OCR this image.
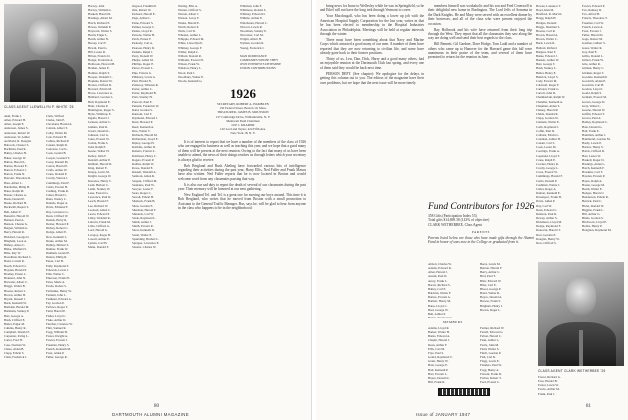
CLASS AGENT LLEWELLYN P. WHITE '25
Akin, Frank J.
Allen, Edward H.
Allen, Joseph E.
Anderson, James S.
Anderson, Robert W.
Anderson, W. Arthur
Archbold, R. Douglas
Babcock, Chester S.
Bachman, Paul R.
Bailey, Charles H.
Baker, George W.
Ballou, Harold L.
Barnes, Howard E.
Barrett, Edward J.
Barton, Frank N.
Bascom, Theodore R.
Bass, Albert L.
Batchelder, Philip H.
Bates, Ralph M.
Baxter, Charles A.
Beals, Donald E.
Beane, Richard H.
Beckwith, Rupert S.
Bell, Albert F.
Benedict, Harold W.
Bennett, Paul A.
Benson, Chester G.
Bergen, William G.
Berry, Harold R.
Bickford, George D.
Bingham, Leon A.
Bishop, Amos C.
Blake, Winfield S.
Bliss, Ray W.
Boardman, Richard C.
Bond, Carroll R.
Booth, Edward G.
Boyden, Harold P.
Bradley, Ernest L.
Brainerd, John N.
Brewster, Albert C.
Briggs, Walter B.
Brooks, Robert L.
Brown, Arthur H.
Bryant, Russell J.
Buck, Kenneth W.
Burbank, Harold M.
Burnham, Stanley P.
Burt, George A.
Bush, Clifford E.
Butler, Edgar M.
Calkins, Henry R.
Campbell, Donald F.
Carpenter, Irving L.
Carter, Fred H.
Case, Norman W.
Chase, Alden B.
Clapp, Edwin S.
Clark, Frederick J.
Clark, Wilfred
Clarke, John E.
Cleveland, Harold A.
Coburn, Albert T.
Colby, Walter M.
Cole, Edward H.
Collins, Richard P.
Conant, Ralph D.
Converse, Carl L.
Cook, Gerald B.
Cooper, Leonard S.
Corey, Russell M.
Cotton, Harold E.
Crafts, Arthur W.
Crane, Donald P.
Crosby, Warren J.
Cummings, Paul F.
Curtis, Everett H.
Cushing, Frank R.
Cutler, Harold L.
Dana, Wesley C.
Daniels, Roger A.
Davis, Edmund F.
Day, Lawrence G.
Dean, Clifford W.
Dennis, Harry R.
Dexter, Howard P.
Dickey, Robert C.
Dodge, Albert E.
Dow, Kenneth L.
Drake, Arthur M.
Dudley, Herbert S.
Dunbar, Frank W.
Dunham, Gerald E.
Dutton, Philip R.
Eaton, Carl B.
Eddy, Raymond F.
Edwards, Lewis J.
Ellis, Walter C.
Emerson, Frank H.
Estes, Merle A.
Evans, Robert S.
Fairbanks, Henry W.
Farnum, John L.
Faulkner, Edward A.
Fay, Gordon P.
Fellows, Roger T.
Field, Harold E.
Fisher, Lloyd C.
Fiske, Arthur D.
Fletcher, Clarence W.
Flint, Samuel R.
Fogg, William H.
Foster, Dwight A.
Fowler, Everett J.
Freeman, Henry S.
French, Kenneth M.
Frost, Alden P.
Fuller, George R.
Harvey, John
Harvey, William C.
Haskell, Harold R.
Hastings, Albert M.
Hatch, Richard E.
Hawes, Wendell P.
Hayward, Walter S.
Heald, Edgar L.
Heath, Arthur N.
Hersey, Carl F.
Hewitt, Paul G.
Hill, Lester R.
Hilton, Francis D.
Hodge, Frederick A.
Holbrook, Howard B.
Holden, James E.
Holmes, Ralph T.
Hooper, Wendell C.
Hopkins, Robert W.
Horton, Clifford R.
Howard, Edwin M.
Howe, Lawrence A.
Hubbard, Gordon L.
Hull, Raymond E.
Hunt, Charles P.
Huntington, Roger S.
Hyde, Winthrop E.
Ingalls, Harold J.
Jackson, Arthur C.
Jenkins, Paul R.
Jewett, Donald L.
Johnson, Carl A.
Jones, Everett W.
Jordan, Frank S.
Judd, Ralph E.
Keene, Walter H.
Kelley, John F.
Kendall, Arthur P.
Kimball, Harold D.
King, Robert E.
Knapp, Lewis M.
Knight, George W.
Knowles, Henry T.
Ladd, Herbert C.
Lamb, Stanley W.
Lane, Everett G.
Lawrence, Paul D.
Leach, Harold F.
Lee, Richard W.
Leonard, Alden C.
Lewis, Edward P.
Libby, Wendell R.
Lincoln, Frank M.
Little, Clifford A.
Lord, Harold G.
Lovejoy, Roger B.
Lowell, Arthur E.
Lyman, Carl H.
Mann, Donald F.
Osgood, Franklin P.
Otis, Robert W.
Packard, Harold E.
Page, Arthur L.
Paine, Edward S.
Palmer, George C.
Parker, Lloyd R.
Parsons, Walter H.
Patch, Ernest F.
Peabody, Carl A.
Pearson, Henry D.
Perkins, Ralph J.
Perry, Donald W.
Phelps, Alden M.
Phillips, Roger E.
Pierce, Everett L.
Pike, Francis G.
Pillsbury, Lewis A.
Platt, Harold N.
Pomeroy, Winston R.
Porter, Arthur C.
Potter, Raymond B.
Pratt, Stanley H.
Prescott, Paul E.
Putnam, Frederick W.
Rand, Gordon S.
Ransom, Carl F.
Raymond, Edward J.
Read, Howard P.
Reed, Kenneth A.
Rice, Walter T.
Richards, Harold M.
Richardson, Lloyd E.
Ripley, George H.
Robbins, Arthur D.
Roberts, Francis L.
Robinson, Henry C.
Rogers, Everett P.
Rollins, Ralph W.
Rowe, Donald E.
Russell, Wendell A.
Sanborn, Alden R.
Sargent, Clifford M.
Saunders, Paul W.
Sawyer, Lester F.
Sears, Roger C.
Sewall, Edwin H.
Shattuck, Frank B.
Shaw, Gordon E.
Sherman, Harold T.
Simonds, Carl W.
Slade, Raymond L.
Smith, Arthur J.
Smith, Everett R.
Snow, Kenneth D.
Soule, Walter P.
Spaulding, Herbert L.
Sprague, Lawrence E.
Stearns, Charles W.
Waring, Ellis A.
Warner, Clifford S.
Warren, Albert J.
Watson, Leroy F.
Weeks, Harold E.
Welch, Robert P.
Wells, Carl D.
Wheeler, Arthur L.
Whipple, Edward M.
White, Llewellyn P.
Whitney, George F.
Wilder, Ralph C.
Willard, Donald R.
Williams, Everett H.
Wilson, Frank W.
Winslow, Henry L.
Wood, Paul J.
Woodbury, Walter E.
Woods, Kenneth G.
Whitman, John F.
Whitmore, Roland S.
Whitney, Edward D.
Wilkins, Arthur P.
Winchester, Harold C.
Wolcott, Lewis R.
Woodman, Stanley E.
Worcester, Carl M.
Wright, Albert H.
Wyman, Gordon R.
Young, Frederick J.

MAN DOMINANCE
COMPANIES WHOSE THEY
OWN INTERESTS DETEMINE
UNION CONTRIBUTIONS
1926
SECRETARY, ROBERT A. HAMBLEN
150 Federal Street, Boston 10, Mass.
TREASURER, JAMES B. MOUSSION
137 Cambridge Drive, Williamsville, N. Y.
Memorial Fund Chairmen
LEE J. KRAMER
120 Lord and Taylor, 424 Fifth Ave.
New York 18, N. Y.

It is of interest to report that we have a number of the members of the class of 1926 who are engaged in business as well as teaching this year, and we hope that a good many of them will be present at the next reunion. Owing to the fact that many of us have been unable to attend, the news of their doings reaches us through letters which your secretary is always glad to receive.

Bob Bergland and Rush Abeling have forwarded various bits of intelligence regarding their activities during the past year, Harry Ellis, Ned Fuller and Frank Mason have also written. Ned Fuller reports that he is now located in Boston and would welcome word from any classmates passing that way.

It is also our sad duty to report the death of several of our classmates during the past year. Their memory will be honored at our next gathering.

New England Tel. and Tel. is a great one for moving our boys around. This time it is Bob Bergland, who writes that he moved from Boston with a small promotion to Assistant to the General Traffic Manager. Bus, says he, will be glad to hear from anyone in the class who happens to be in the neighborhood.

80
DARTMOUTH ALUMNI MAGAZINE

bring news for Inose to Wellesley while he was in Springfield, so he and Ethel will not have the long trek through Vermont to cover.

Your Macdougall, who has been doing a lower up job with the American Hospital Supply Corporation for the last year, writes in that he has been elected to membership in the Hospital Industries Association in Philadelphia. Meetings will be held at regular intervals through the winter.

There must have been something about that Navy and Marine Corps which attracted a good many of our men. A number of them have reported that they are now returning to civilian life, and some have already gone back to their former positions.

Thirty of us, Lew, Dan, Dick, Harry and a good many others, had an enjoyable reunion at the Dartmouth Club last spring, and every one of them said they would be back next time.

PERSON DEPT. (See chapter): We apologize for the delays in getting this column out to you. The editors of the magazine have their own problems, but we hope that the next issue will be more timely.

members himself was workaholic and his son and Fred Cromwell is their delightful new home in Burlington. The Lord Jeffs of Sonoma in the Dark Knights. He and Mary were served with an excellent dinner by their hostesses, and all of the class who were present enjoyed the occasion.

Ray Holbrook and his wife have returned from their long trip through the West. They report that all the classmates they saw along the way are doing well and send their best regards to the class.

Bill Bennett, Gil Gardner, Dave Hodge, Tom Ladd and a number of others who came up to Hanover for the Harvard game this fall were unanimous in their praise of the team, and several of them have promised to return for the reunion in June.

Bowen, Laurence T.
Boyd, Kim M.
Bradford, R. Marvin
Bragg, Ralph H.
Bridges, Donald
Briggs, Sherman S.
Brooks, Carl R.
Brown, Harold A.
Brown, Walter C.
Buck, Lewis R.
Bullard, Richard
Burgess, Paul F.
Burke, Edward J.
Burnett, Arthur W.
Burr, George T.
Bush, Stanley L.
Butler, Henry E.
Buttrick, Lloyd S.
Cady, Everett M.
Caldwell, Roger F.
Carleton, Frank G.
Carroll, John D.
Chamberlain, Ralph W.
Chandler, Kenneth A.
Chapman, Alden S.
Cheney, Harold P.
Childs, Donald R.
Clapp, Gordon W.
Clement, Walter E.
Cobb, Raymond J.
Coffin, Paul D.
Colburn, Edwin L.
Coleman, Arthur H.
Conant, Carl S.
Cook, Lester M.
Coolidge, Frank A.
Copeland, Lloyd T.
Crane, Ralph E.
Crocker, Henry R.
Crosby, George L.
Cross, Everett W.
Cummings, Harold F.
Curtis, Donald P.
Cushman, Walter J.
Cutler, Roger A.
Damon, Kenneth E.
Davenport, Frank H.
Davis, Alden P.
Day, Carl W.
Dean, Edward L.
Denison, Paul R.
Dewey, Arthur S.
Dickinson, Lloyd M.
Dodge, Raymond F.
Donovan, Harold T.
Dorr, Gordon E.
Douglas, Henry W.
Dow, Clifford S.
Fowler, Edward P.
Fox, Ramsey R.
Fox, Alfred H.
Francis, Theodore T.
Freeman, Carl W.
French, Lewis A.
Frost, Everett J.
Fuller, Harold D.
Gage, Robert M.
Gardner, Gilbert S.
Gates, Walter R.
Gay, Paul E.
Gibbs, Donald L.
Gilbert, Frank W.
Gile, Arthur R.
Gilman, Henry C.
Glidden, Roger T.
Goodale, Kenneth P.
Goodrich, Alden E.
Goodwin, Carl H.
Gordon, Lloyd J.
Gould, Ralph S.
Graham, Everett M.
Graves, George D.
Gray, Walter L.
Greene, Harold W.
Griffin, Edward T.
Grover, Paul A.
Hadley, Raymond C.
Hale, Donald G.
Hall, Frank E.
Hamilton, Arthur J.
Hammond, Gordon M.
Hardy, Lewis P.
Harlow, Henry S.
Harris, Clifford R.
Hart, Lester W.
Haskell, Roger D.
Hastings, Alden L.
Hatch, Kenneth F.
Hawkins, Carl T.
Hayden, Everett P.
Hayes, Ralph A.
Hazen, George M.
Heath, Walter E.
Hedges, Harold J.
Henderson, Edwin R.
Herrick, Paul C.
Hicks, Donald W.
Higgins, Frank L.
Hill, Arthur G.
Hinds, Gordon S.
Hitchcock, Lloyd E.
Hobbs, Henry P.
Hodgdon, Raymond M.
Fund Contributors for 1926
358 Gifts (Participation Index 53)
Total gifts $14,869.38 (143% of objective)
CLARK WETHERBEE, Class Agent
PARENTS
Parents listed below are those who have made gifts through the Alumni Fund in honor of sons now in the College or graduated from it.
Abbott, Charles W.
Adams, Edward R.
Allen, Harold J.
Austin, Paul D.
Avery, Frank L.
Bacon, Richard S.
Bailey, Carl E.
Baldwin, Walter F.
Barnes, Everett A.
Bartlett, Henry M.
Bates, Lloyd C.
Beal, George W.
Bell, Arthur P.
Beers, Lewis M.
Benton, Harold F.
Berry, Arthur C.
Bird, Paul T.
Blair, Edward W.
Bliss, Carl E.
Blood, George P.
Bond, Walter R.
Boyce, Donald A.
Brewer, Frank S.
Brigham, Henry J.
Brown, Roger L.
MEMBERS
Adams, Lloyd R.
Barker, Walter H.
Burns, Edward A.
Chapin, Harold J.
Dean, Arthur F.
Ellis, Carl M.
Frye, Paul S.
Gould, Raymond T.
Grant, Henry W.
Hale, George E.
Hall, Kenneth P.
Hart, Everett L.
Hayes, Donald C.
Hill, Frank R.
Farmer, Richard W.
Farrell, Edward G.
Felton, Harold C.
Fenn, Arthur L.
Ferris, John M.
Field, Walter S.
Finch, Gordon P.
Fish, Carl R.
Flagg, Lewis E.
Flanders, Paul W.
Fogg, Henry A.
Folsom, Frank D.
Forbes, Robert T.
Ford, Everett C.
CLASS AGENT CLARK WETHERBEE '26
Forest, Richard G.
Foss, Harold B.
Foster, Lewis W.
Fowle, Arthur M.
Frank, Paul J.
81
Issue of JANUARY 1947
